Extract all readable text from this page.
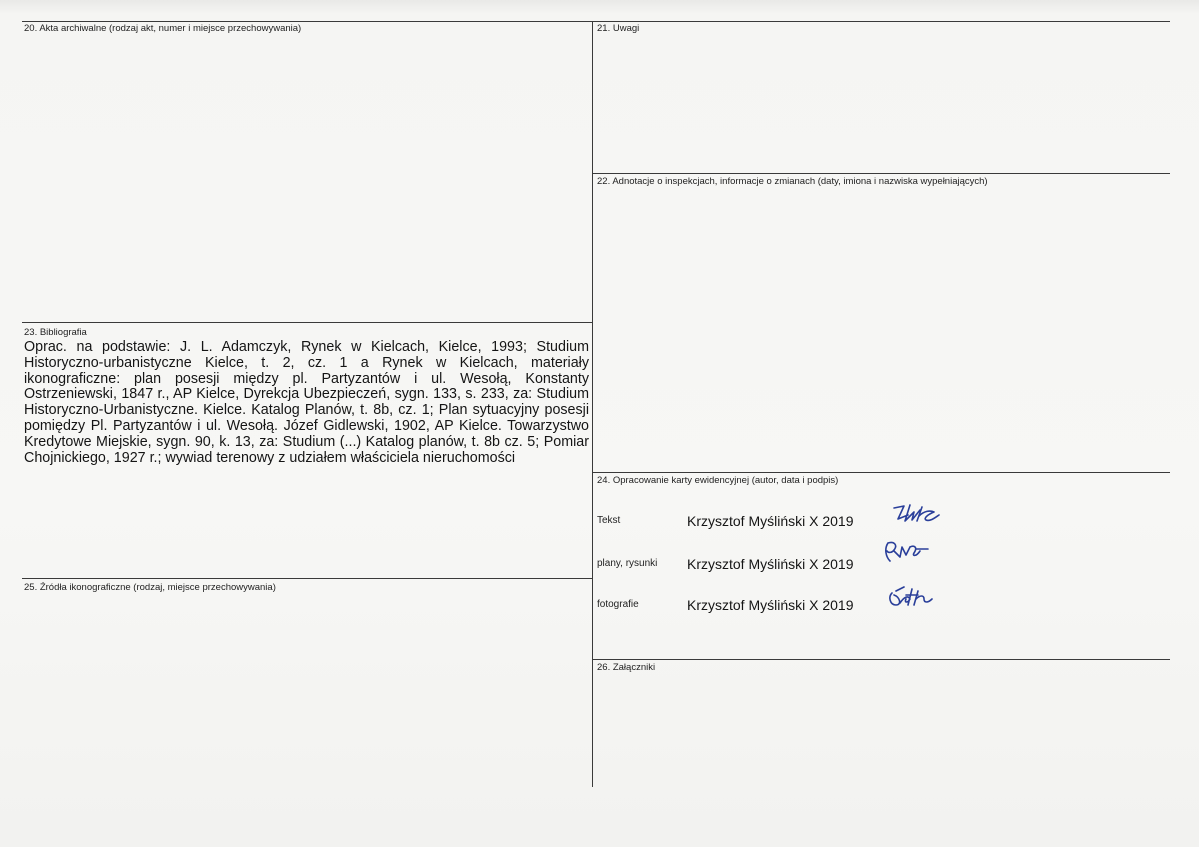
20. Akta archiwalne (rodzaj akt, numer i miejsce przechowywania)
23. Bibliografia
Oprac. na podstawie: J. L. Adamczyk, Rynek w Kielcach, Kielce, 1993; Studium Historyczno-urbanistyczne Kielce, t. 2, cz. 1 a Rynek w Kielcach, materiały ikonograficzne: plan posesji między pl. Partyzantów i ul. Wesołą, Konstanty Ostrzeniewski, 1847 r., AP Kielce, Dyrekcja Ubezpieczeń, sygn. 133, s. 233, za: Studium Historyczno-Urbanistyczne. Kielce. Katalog Planów, t. 8b, cz. 1; Plan sytuacyjny posesji pomiędzy Pl. Partyzantów i ul. Wesołą. Józef Gidlewski, 1902, AP Kielce. Towarzystwo Kredytowe Miejskie, sygn. 90, k. 13, za: Studium (...) Katalog planów, t. 8b cz. 5; Pomiar Chojnickiego, 1927 r.; wywiad terenowy z udziałem właściciela nieruchomości
25. Źródła ikonograficzne (rodzaj, miejsce przechowywania)
21. Uwagi
22. Adnotacje o inspekcjach, informacje o zmianach (daty, imiona i nazwiska wypełniających)
24. Opracowanie karty ewidencyjnej (autor, data i podpis)
Tekst	Krzysztof Myśliński X 2019
plany, rysunki Krzysztof Myśliński X 2019
fotografie	Krzysztof Myśliński X 2019
26. Załączniki
